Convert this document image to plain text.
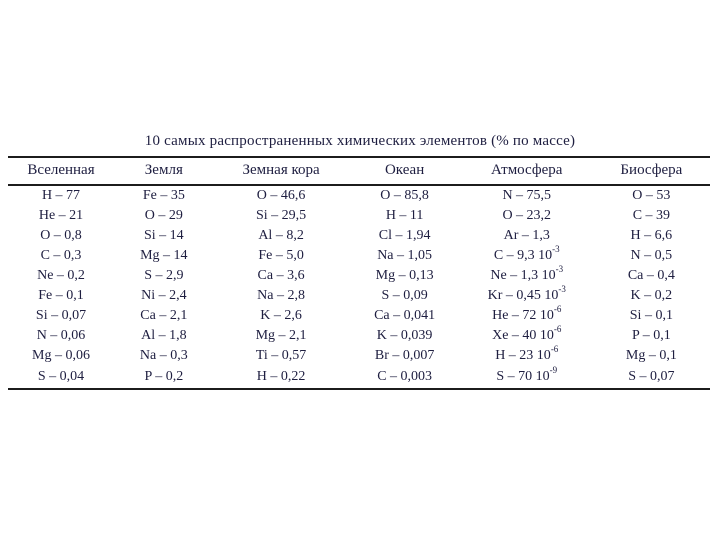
10 самых распространенных химических элементов (% по массе)
Вселенная	Земля	Земная кора	Океан	Атмосфера	Биосфера
H – 77	Fe – 35	O – 46,6	O – 85,8	N – 75,5	O – 53
He – 21	O – 29	Si – 29,5	H – 11	O – 23,2	C – 39
O – 0,8	Si – 14	Al – 8,2	Cl – 1,94	Ar – 1,3	H – 6,6
C – 0,3	Mg – 14	Fe – 5,0	Na – 1,05	C – 9,3 $10^{-3}$	N – 0,5
Ne – 0,2	S – 2,9	Ca – 3,6	Mg – 0,13	Ne – 1,3 $10^{-3}$	Ca – 0,4
Fe – 0,1	Ni – 2,4	Na – 2,8	S – 0,09	Kr – 0,45 $10^{-3}$	K – 0,2
Si – 0,07	Ca – 2,1	K – 2,6	Ca – 0,041	He – 72 $10^{-6}$	Si – 0,1
N – 0,06	Al – 1,8	Mg – 2,1	K – 0,039	Xe – 40 $10^{-6}$	P – 0,1
Mg – 0,06	Na – 0,3	Ti – 0,57	Br – 0,007	H – 23 $10^{-6}$	Mg – 0,1
S – 0,04	P – 0,2	H – 0,22	C – 0,003	S – 70 $10^{-9}$	S – 0,07
